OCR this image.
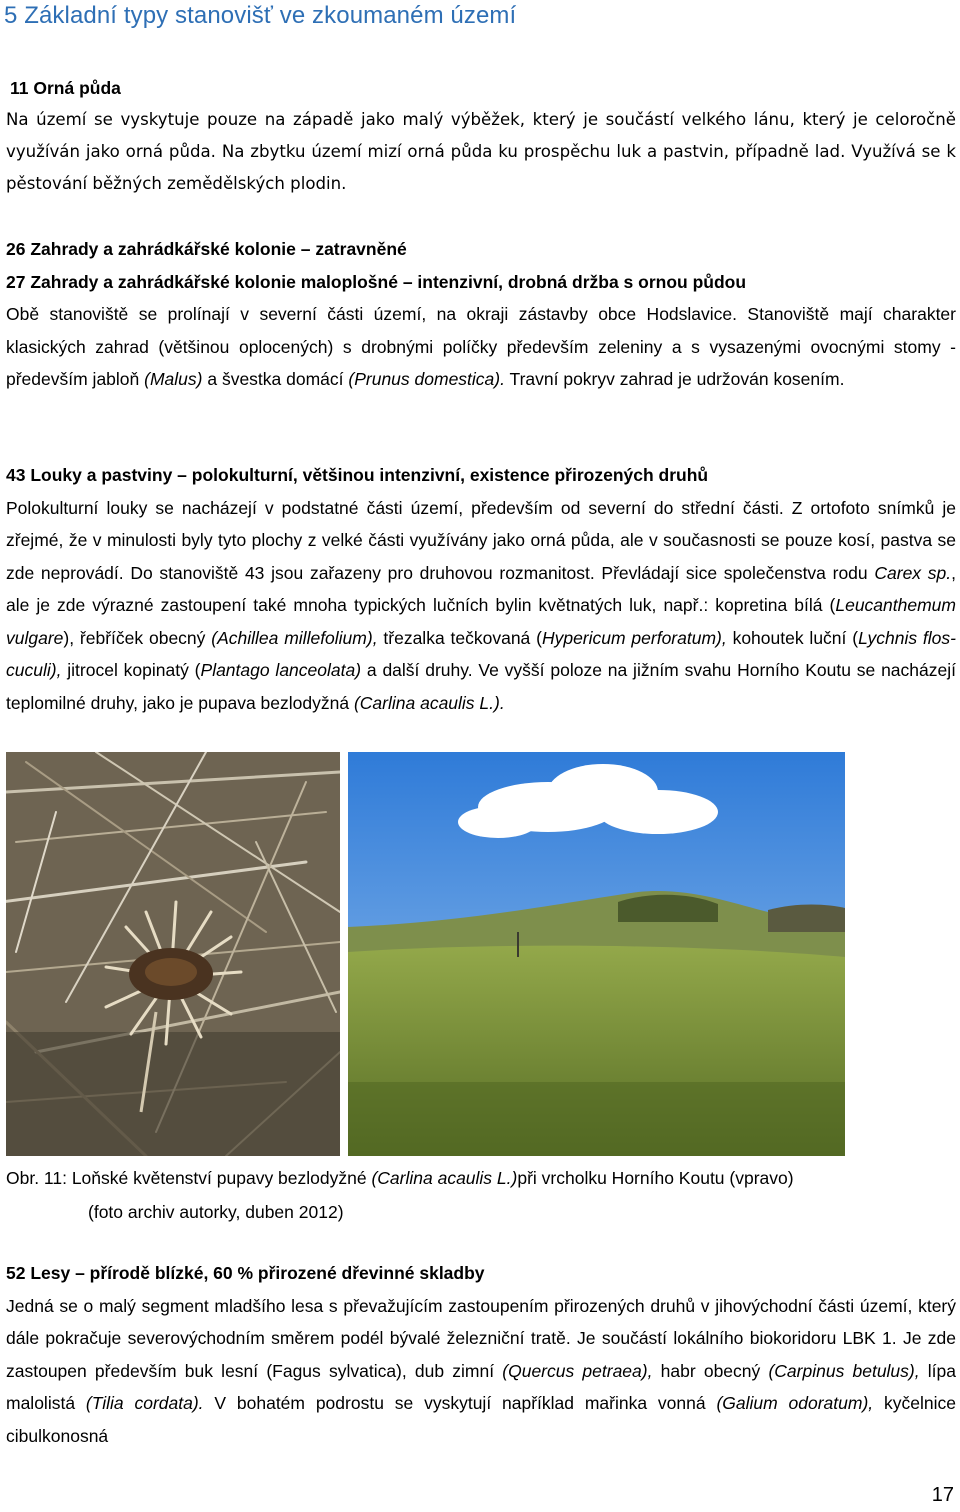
5 Základní typy stanovišť ve zkoumaném území
11 Orná půda

Na území se vyskytuje pouze na západě jako malý výběžek, který je součástí velkého lánu, který je celoročně využíván jako orná půda. Na zbytku území mizí orná půda ku prospěchu luk a pastvin, případně lad. Využívá se k pěstování běžných zemědělských plodin.

26 Zahrady a zahrádkářské kolonie – zatravněné
27 Zahrady a zahrádkářské kolonie maloplošné – intenzivní, drobná držba s ornou půdou

Obě stanoviště se prolínají v severní části území, na okraji zástavby obce Hodslavice. Stanoviště mají charakter klasických zahrad (většinou oplocených) s drobnými políčky především zeleniny a s vysazenými ovocnými stomy - především jabloň (Malus) a švestka domácí (Prunus domestica). Travní pokryv zahrad je udržován kosením.

43 Louky a pastviny – polokulturní, většinou intenzivní, existence přirozených druhů

Polokulturní louky se nacházejí v podstatné části území, především od severní do střední části. Z ortofoto snímků je zřejmé, že v minulosti byly tyto plochy z velké části využívány jako orná půda, ale v současnosti se pouze kosí, pastva se zde neprovádí. Do stanoviště 43 jsou zařazeny pro druhovou rozmanitost. Převládají sice společenstva rodu Carex sp., ale je zde výrazné zastoupení také mnoha typických lučních bylin květnatých luk, např.: kopretina bílá (Leucanthemum vulgare), řebříček obecný (Achillea millefolium), třezalka tečkovaná (Hypericum perforatum), kohoutek luční (Lychnis flos-cuculi), jitrocel kopinatý (Plantago lanceolata) a další druhy. Ve vyšší poloze na jižním svahu Horního Koutu se nacházejí teplomilné druhy, jako je pupava bezlodyžná (Carlina acaulis L.).

Obr. 11: Loňské květenství pupavy bezlodyžné (Carlina acaulis L.)při vrcholku Horního Koutu (vpravo)
(foto archiv autorky, duben 2012)
52 Lesy – přírodě blízké, 60 % přirozené dřevinné skladby

Jedná se o malý segment mladšího lesa s převažujícím zastoupením přirozených druhů v jihovýchodní části území, který dále pokračuje severovýchodním směrem podél bývalé železniční tratě. Je součástí lokálního biokoridoru LBK 1. Je zde zastoupen především buk lesní (Fagus sylvatica), dub zimní (Quercus petraea), habr obecný (Carpinus betulus), lípa malolistá (Tilia cordata). V bohatém podrostu se vyskytují například mařinka vonná (Galium odoratum), kyčelnice cibulkonosná

17
